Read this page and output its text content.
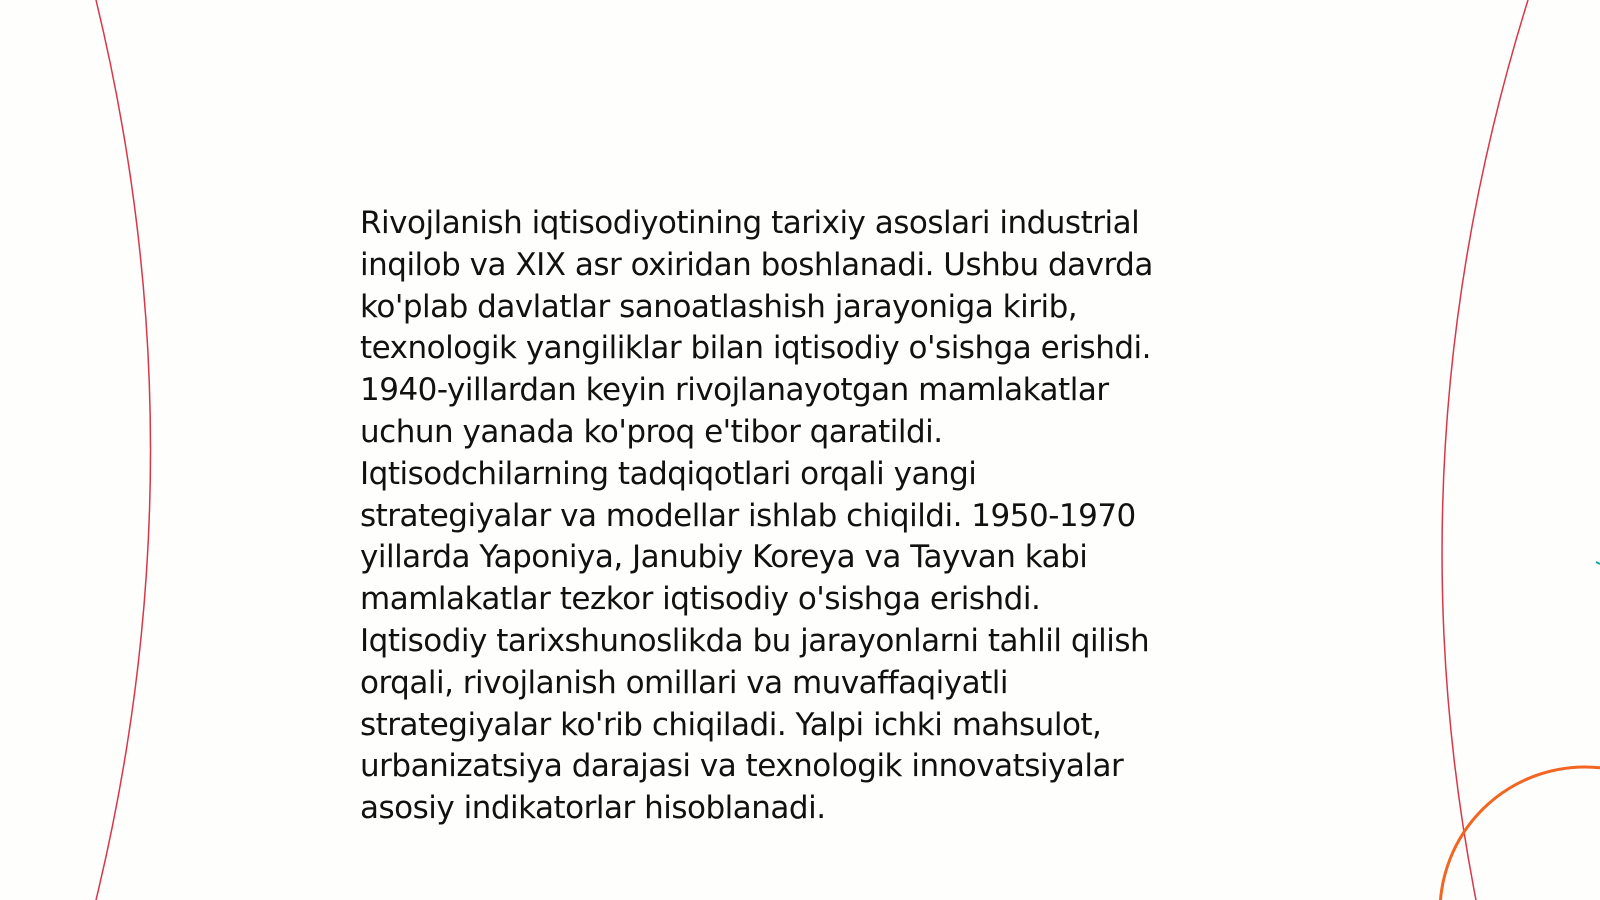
Rivojlanish iqtisodiyotining tarixiy asoslari industrial
inqilob va XIX asr oxiridan boshlanadi. Ushbu davrda
ko'plab davlatlar sanoatlashish jarayoniga kirib,
texnologik yangiliklar bilan iqtisodiy o'sishga erishdi.
1940-yillardan keyin rivojlanayotgan mamlakatlar
uchun yanada ko'proq e'tibor qaratildi.
Iqtisodchilarning tadqiqotlari orqali yangi
strategiyalar va modellar ishlab chiqildi. 1950-1970
yillarda Yaponiya, Janubiy Koreya va Tayvan kabi
mamlakatlar tezkor iqtisodiy o'sishga erishdi.
Iqtisodiy tarixshunoslikda bu jarayonlarni tahlil qilish
orqali, rivojlanish omillari va muvaffaqiyatli
strategiyalar ko'rib chiqiladi. Yalpi ichki mahsulot,
urbanizatsiya darajasi va texnologik innovatsiyalar
asosiy indikatorlar hisoblanadi.
